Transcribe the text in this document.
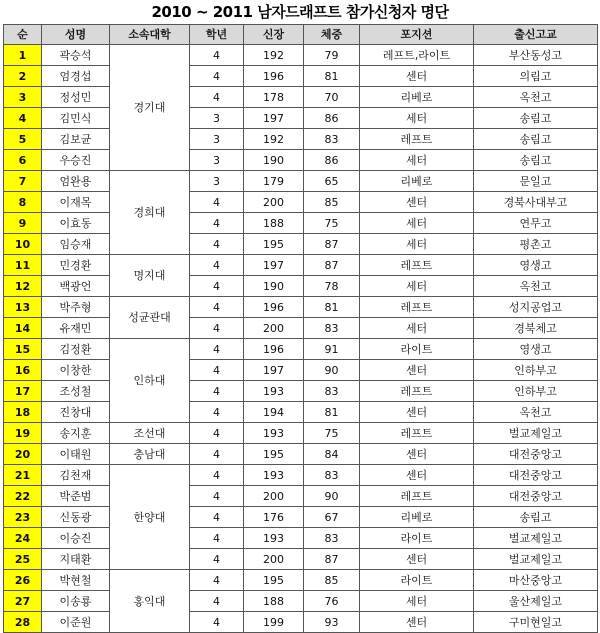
2010 ~ 2011 남자드래프트 참가신청자 명단
순	성명	소속대학	학년	신장	체중	포지션	출신고교
1	곽승석	경기대	4	192	79	레프트,라이트	부산동성고
2	엄경섭		4	196	81	센터	의림고
3	정성민		4	178	70	리베로	옥천고
4	김민식		3	197	86	세터	송림고
5	김보균		3	192	83	레프트	송림고
6	우승진		3	190	86	세터	송림고
7	엄완용	경희대	3	179	65	리베로	문일고
8	이재목		4	200	85	센터	경북사대부고
9	이효동		4	188	75	세터	연무고
10	임승재		4	195	87	세터	평촌고
11	민경환	명지대	4	197	87	레프트	영생고
12	백광언		4	190	78	세터	옥천고
13	박주형	성균관대	4	196	81	레프트	성지공업고
14	유재민		4	200	83	세터	경북체고
15	김정환	인하대	4	196	91	라이트	영생고
16	이창한		4	197	90	센터	인하부고
17	조성철		4	193	83	레프트	인하부고
18	진창대		4	194	81	센터	옥천고
19	송지훈	조선대	4	193	75	레프트	벌교제일고
20	이태원	충남대	4	195	84	센터	대전중앙고
21	김천재	한양대	4	193	83	센터	대전중앙고
22	박준범		4	200	90	레프트	대전중앙고
23	신동광		4	176	67	리베로	송림고
24	이승진		4	193	83	라이트	벌교제일고
25	지태환		4	200	87	센터	벌교제일고
26	박현철	홍익대	4	195	85	라이트	마산중앙고
27	이송룡		4	188	76	세터	울산제일고
28	이준원		4	199	93	센터	구미현일고
